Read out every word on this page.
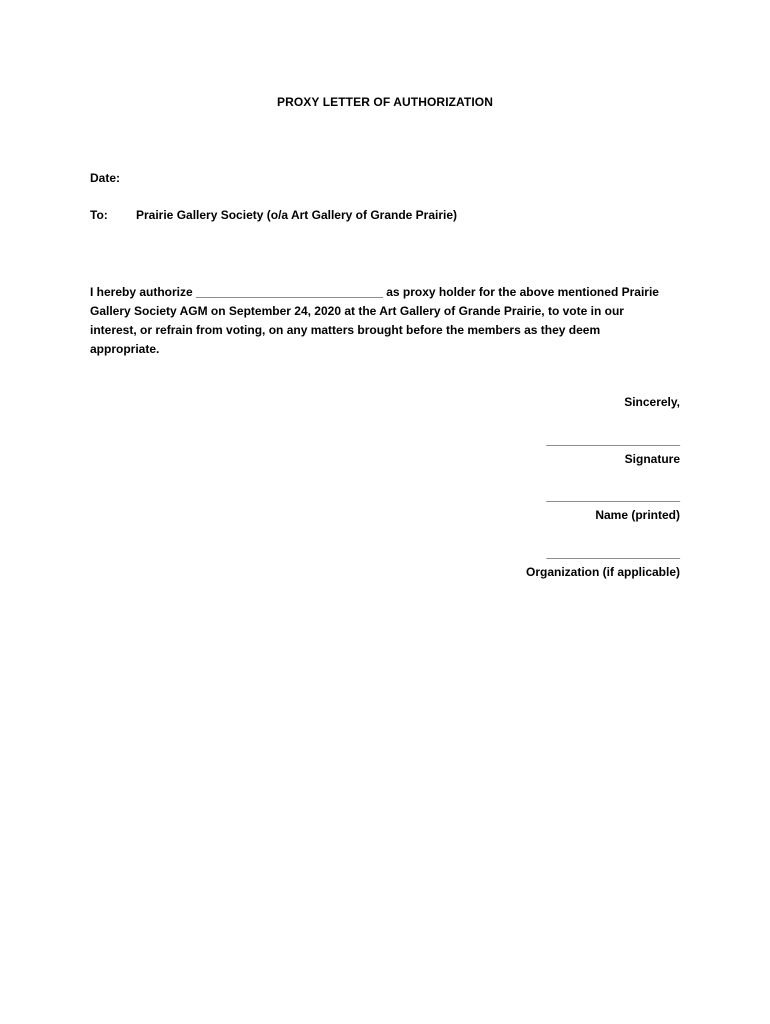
PROXY LETTER OF AUTHORIZATION
Date:
To: Prairie Gallery Society (o/a Art Gallery of Grande Prairie)
I hereby authorize ____________________________ as proxy holder for the above mentioned Prairie
Gallery Society AGM on September 24, 2020 at the Art Gallery of Grande Prairie, to vote in our
interest, or refrain from voting, on any matters brought before the members as they deem
appropriate.
Sincerely,
____________________
Signature
____________________
Name (printed)
____________________
Organization (if applicable)
